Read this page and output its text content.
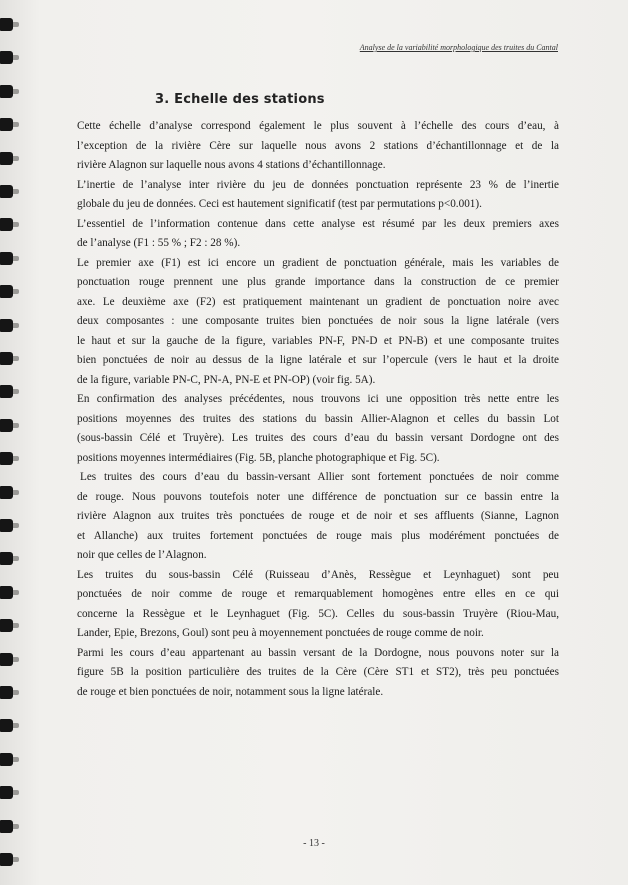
Analyse de la variabilité morphologique des truites du Cantal
3. Echelle des stations

Cette échelle d’analyse correspond également le plus souvent à l’échelle des cours d’eau, à

l’exception de la rivière Cère sur laquelle nous avons 2 stations d’échantillonnage et de la

rivière Alagnon sur laquelle nous avons 4 stations d’échantillonnage.

L’inertie de l’analyse inter rivière du jeu de données ponctuation représente 23 % de l’inertie

globale du jeu de données. Ceci est hautement significatif (test par permutations p<0.001).

L’essentiel de l’information contenue dans cette analyse est résumé par les deux premiers axes

de l’analyse (F1 : 55 % ; F2 : 28 %).

Le premier axe (F1) est ici encore un gradient de ponctuation générale, mais les variables de

ponctuation rouge prennent une plus grande importance dans la construction de ce premier

axe. Le deuxième axe (F2) est pratiquement maintenant un gradient de ponctuation noire avec

deux composantes : une composante truites bien ponctuées de noir sous la ligne latérale (vers

le haut et sur la gauche de la figure, variables PN-F, PN-D et PN-B) et une composante truites

bien ponctuées de noir au dessus de la ligne latérale et sur l’opercule (vers le haut et la droite

de la figure, variable PN-C, PN-A, PN-E et PN-OP) (voir fig. 5A).

En confirmation des analyses précédentes, nous trouvons ici une opposition très nette entre les

positions moyennes des truites des stations du bassin Allier-Alagnon et celles du bassin Lot

(sous-bassin Célé et Truyère). Les truites des cours d’eau du bassin versant Dordogne ont des

positions moyennes intermédiaires (Fig. 5B, planche photographique et Fig. 5C).

Les truites des cours d’eau du bassin-versant Allier sont fortement ponctuées de noir comme

de rouge. Nous pouvons toutefois noter une différence de ponctuation sur ce bassin entre la

rivière Alagnon aux truites très ponctuées de rouge et de noir et ses affluents (Sianne, Lagnon

et Allanche) aux truites fortement ponctuées de rouge mais plus modérément ponctuées de

noir que celles de l’Alagnon.

Les truites du sous-bassin Célé (Ruisseau d’Anès, Ressègue et Leynhaguet) sont peu

ponctuées de noir comme de rouge et remarquablement homogènes entre elles en ce qui

concerne la Ressègue et le Leynhaguet (Fig. 5C). Celles du sous-bassin Truyère (Riou-Mau,

Lander, Epie, Brezons, Goul) sont peu à moyennement ponctuées de rouge comme de noir.

Parmi les cours d’eau appartenant au bassin versant de la Dordogne, nous pouvons noter sur la

figure 5B la position particulière des truites de la Cère (Cère ST1 et ST2), très peu ponctuées

de rouge et bien ponctuées de noir, notamment sous la ligne latérale.

- 13 -
